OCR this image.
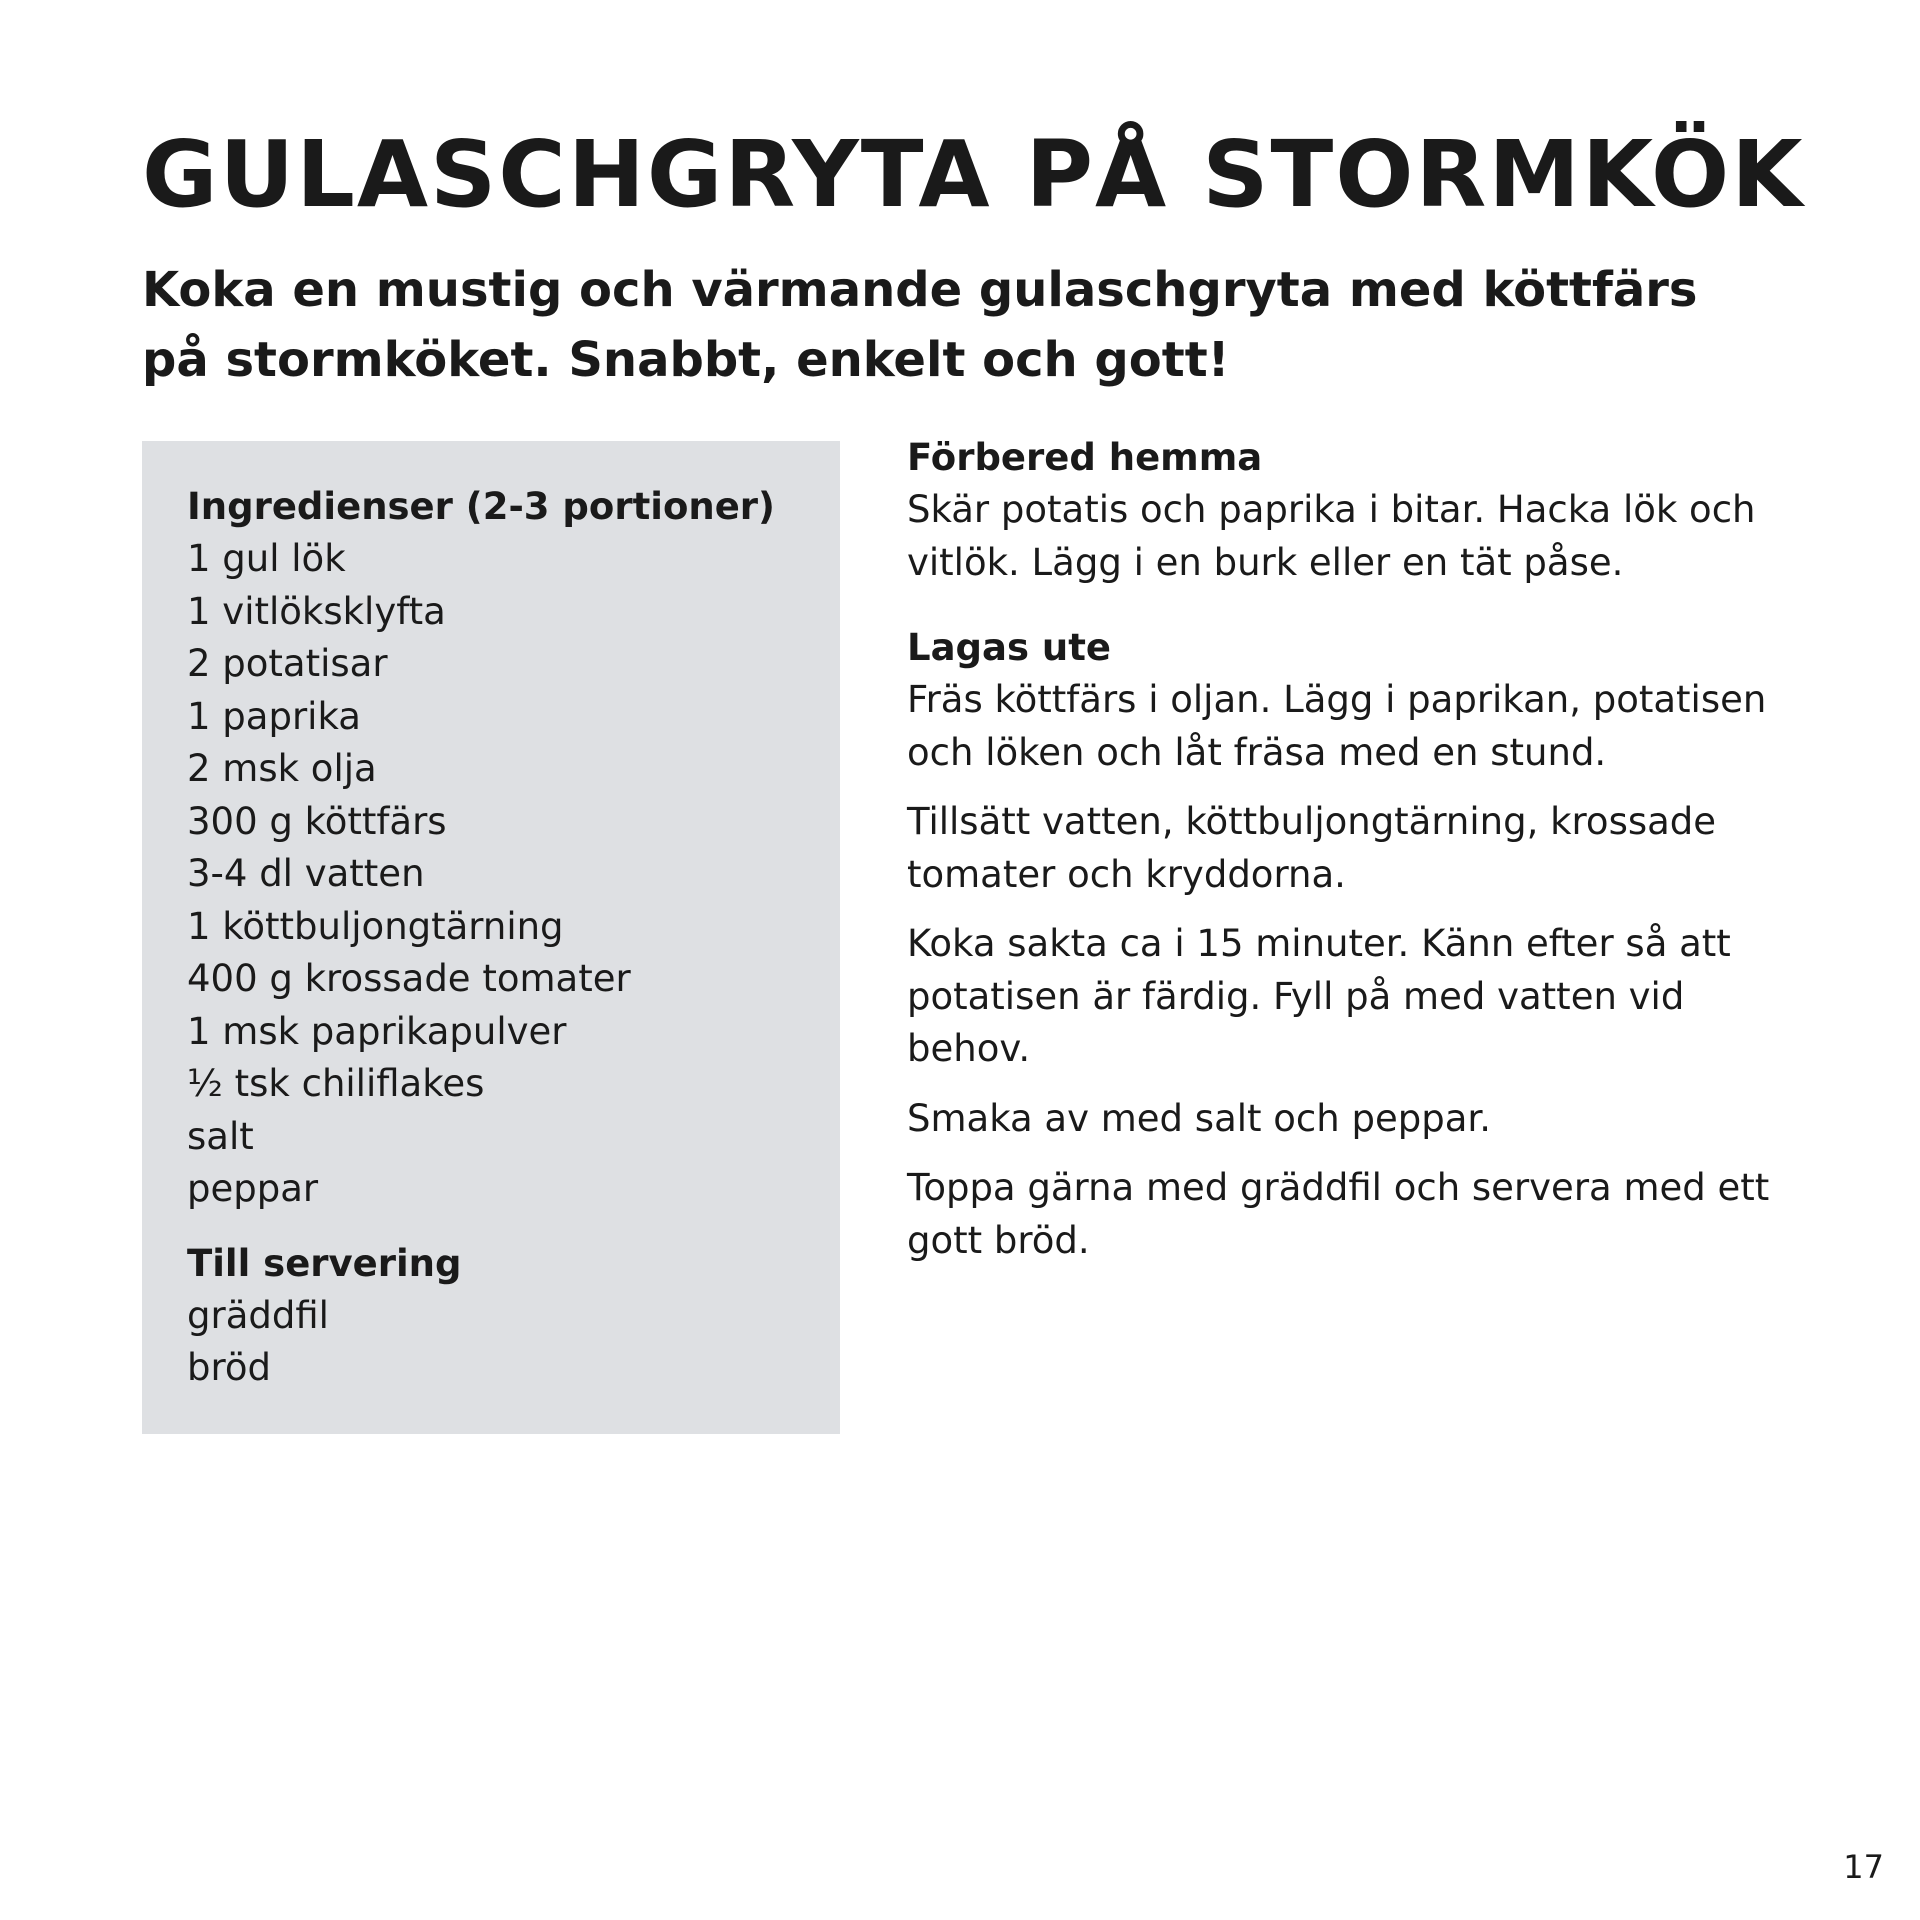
GULASCHGRYTA PÅ STORMKÖK

Koka en mustig och värmande gulaschgryta med köttfärs på stormköket. Snabbt, enkelt och gott!

Ingredienser (2-3 portioner)
1 gul lök
1 vitlöksklyfta
2 potatisar
1 paprika
2 msk olja
300 g köttfärs
3-4 dl vatten
1 köttbuljongtärning
400 g krossade tomater
1 msk paprikapulver
½ tsk chiliflakes
salt
peppar
Till servering
gräddfil
bröd
Förbered hemma

Skär potatis och paprika i bitar. Hacka lök och vitlök. Lägg i en burk eller en tät påse.

Lagas ute

Fräs köttfärs i oljan. Lägg i paprikan, potatisen och löken och låt fräsa med en stund.

Tillsätt vatten, köttbuljongtärning, krossade tomater och kryddorna.

Koka sakta ca i 15 minuter. Känn efter så att potatisen är färdig. Fyll på med vatten vid behov.

Smaka av med salt och peppar.

Toppa gärna med gräddfil och servera med ett gott bröd.

17
